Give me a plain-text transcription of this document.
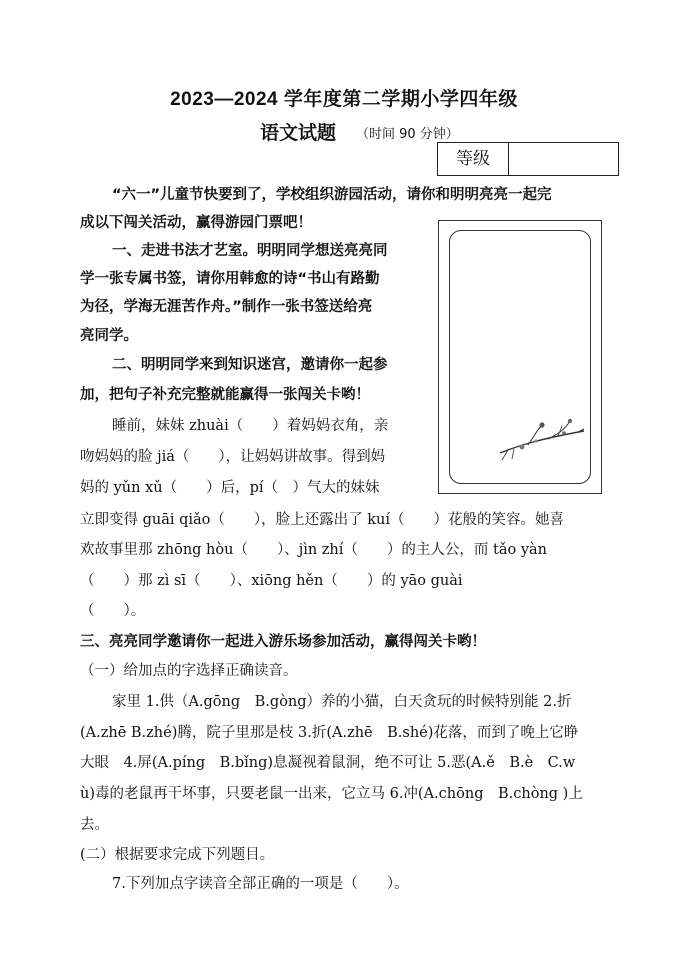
2023—2024 学年度第二学期小学四年级
语文试题 （时间 90 分钟）
等级
“六一”儿童节快要到了，学校组织游园活动，请你和明明亮亮一起完
成以下闯关活动，赢得游园门票吧！
一、走进书法才艺室。明明同学想送亮亮同
学一张专属书签，请你用韩愈的诗“书山有路勤
为径，学海无涯苦作舟。”制作一张书签送给亮
亮同学。
二、明明同学来到知识迷宫，邀请你一起参
加，把句子补充完整就能赢得一张闯关卡哟！
睡前，妹妹 zhuài（　　）着妈妈衣角，亲
吻妈妈的脸 jiá（　　），让妈妈讲故事。得到妈
妈的 yǔn xǔ（　　）后，pí（　）气大的妹妹
立即变得 guāi qiǎo（　　），脸上还露出了 kuí（　　）花般的笑容。她喜
欢故事里那 zhōng hòu（　　）、jìn zhí（　　）的主人公，而 tǎo yàn
（　　）那 zì sī（　　）、xiōng hěn（　　）的 yāo guài
（　　）。
三、亮亮同学邀请你一起进入游乐场参加活动，赢得闯关卡哟！
（一）给加点的字选择正确读音。
家里 1.供（A.gōng　B.gòng）养的小猫，白天贪玩的时候特别能 2.折
(A.zhē B.zhé)腾，院子里那是枝 3.折(A.zhē　B.shé)花落，而到了晚上它睁
大眼　4.屏(A.píng　B.bǐng)息凝视着鼠洞，绝不可让 5.恶(A.ě　B.è　C.w
ù)毒的老鼠再干坏事，只要老鼠一出来，它立马 6.冲(A.chōng　B.chòng )上
去。
(二）根据要求完成下列题目。
7.下列加点字读音全部正确的一项是（　　）。
